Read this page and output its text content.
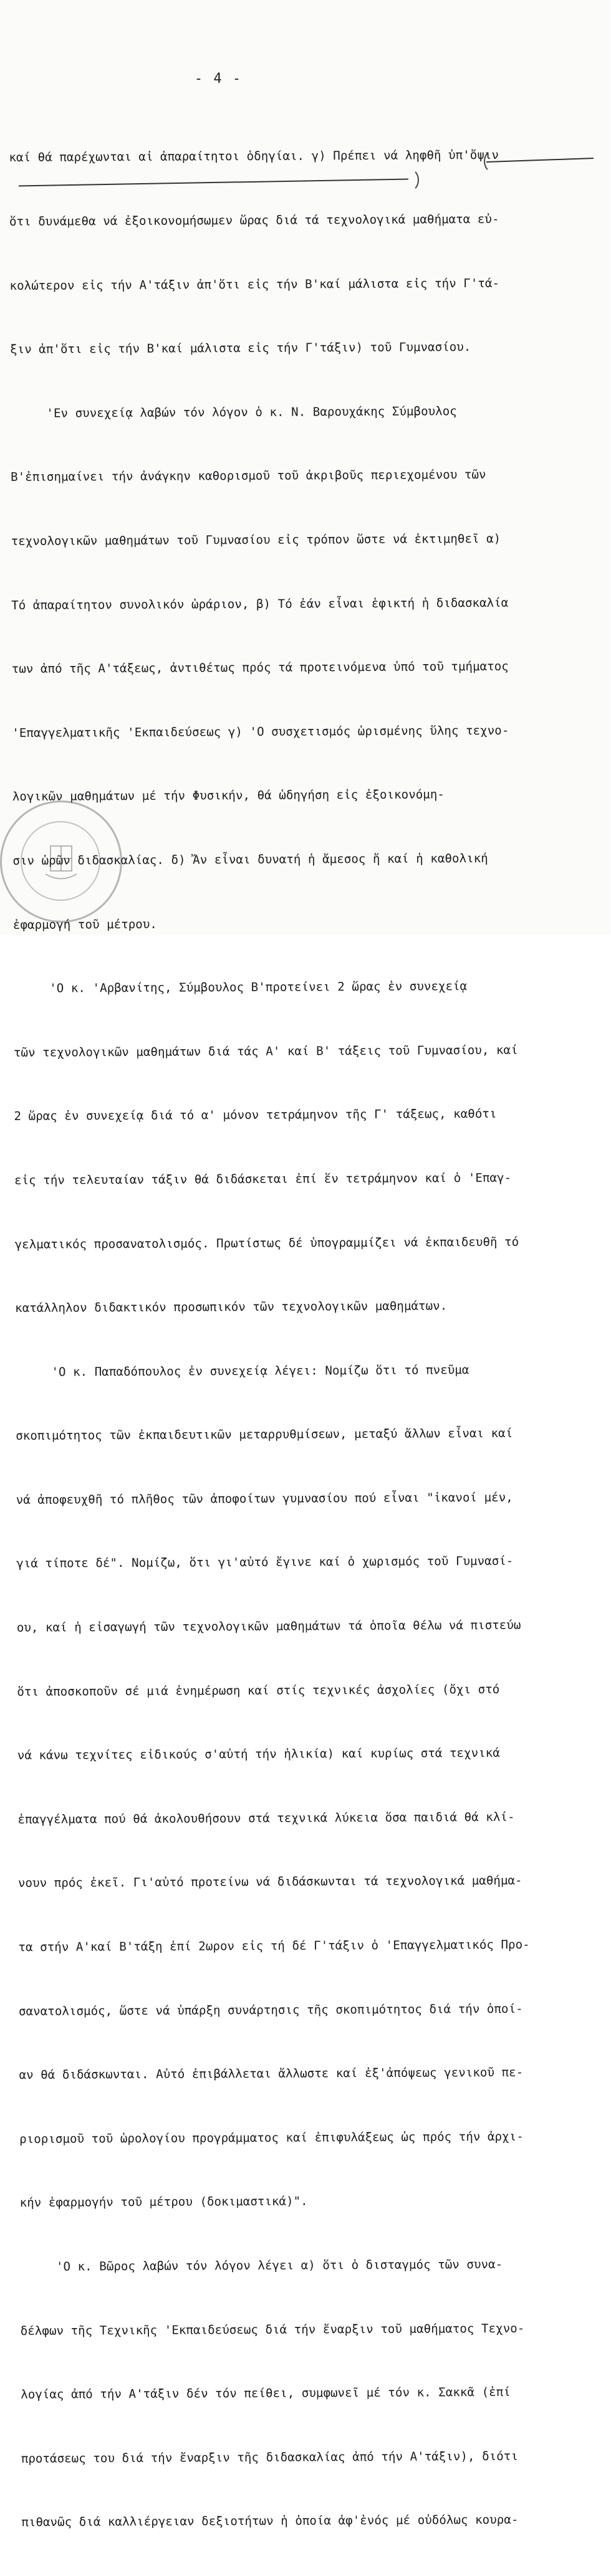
- 4 -

καί θά παρέχωνται αἱ ἀπαραίτητοι ὁδηγίαι. γ) Πρέπει νά ληφθῆ ὑπ'ὄψιν

ὅτι δυνάμεθα νά ἐξοικονομήσωμεν ὥρας διά τά τεχνολογικά μαθήματα εὐ-

κολώτερον εἰς τήν Α'τάξιν ἀπ'ὅτι εἰς τήν Β'καί μάλιστα εἰς τήν Γ'τά-

ξιν ἀπ'ὅτι εἰς τήν Β'καί μάλιστα εἰς τήν Γ'τάξιν) τοῦ Γυμνασίου.

'Εν συνεχείᾳ λαβών τόν λόγον ὁ κ. Ν. Βαρουχάκης Σύμβουλος

Β'ἐπισημαίνει τήν ἀνάγκην καθορισμοῦ τοῦ ἀκριβοῦς περιεχομένου τῶν

τεχνολογικῶν μαθημάτων τοῦ Γυμνασίου εἰς τρόπον ὥστε νά ἐκτιμηθεῖ α)

Τό ἀπαραίτητον συνολικόν ὡράριον, β) Τό ἐάν εἶναι ἐφικτή ἡ διδασκαλία

των ἀπό τῆς Α'τάξεως, ἀντιθέτως πρός τά προτεινόμενα ὑπό τοῦ τμήματος

'Επαγγελματικῆς 'Εκπαιδεύσεως γ) 'Ο συσχετισμός ὡρισμένης ὕλης τεχνο-

λογικῶν μαθημάτων μέ τήν Φυσικήν, θά ὡδηγήση εἰς ἐξοικονόμη-

σιν ὡρῶν διδασκαλίας. δ) Ἄν εἶναι δυνατή ἡ ἄμεσος ἤ καί ἡ καθολική

ἐφαρμογή τοῦ μέτρου.

'Ο κ. 'Αρβανίτης, Σύμβουλος Β'προτείνει 2 ὥρας ἐν συνεχείᾳ

τῶν τεχνολογικῶν μαθημάτων διά τάς Α' καί Β' τάξεις τοῦ Γυμνασίου, καί

2 ὥρας ἐν συνεχείᾳ διά τό α' μόνον τετράμηνον τῆς Γ' τάξεως, καθότι

εἰς τήν τελευταίαν τάξιν θά διδάσκεται ἐπί ἕν τετράμηνον καί ὁ 'Επαγ-

γελματικός προσανατολισμός. Πρωτίστως δέ ὑπογραμμίζει νά ἐκπαιδευθῆ τό

κατάλληλον διδακτικόν προσωπικόν τῶν τεχνολογικῶν μαθημάτων.

'Ο κ. Παπαδόπουλος ἐν συνεχείᾳ λέγει: Νομίζω ὅτι τό πνεῦμα

σκοπιμότητος τῶν ἐκπαιδευτικῶν μεταρρυθμίσεων, μεταξύ ἄλλων εἶναι καί

νά ἀποφευχθῆ τό πλῆθος τῶν ἀποφοίτων γυμνασίου πού εἶναι "ἱκανοί μέν,

γιά τίποτε δέ". Νομίζω, ὅτι γι'αὐτό ἔγινε καί ὁ χωρισμός τοῦ Γυμνασί-

ου, καί ἡ εἰσαγωγή τῶν τεχνολογικῶν μαθημάτων τά ὁποῖα θέλω νά πιστεύω

ὅτι ἀποσκοποῦν σέ μιά ἐνημέρωση καί στίς τεχνικές ἀσχολίες (ὄχι στό

νά κάνω τεχνίτες εἰδικούς σ'αὐτή τήν ἡλικία) καί κυρίως στά τεχνικά

ἐπαγγέλματα πού θά ἀκολουθήσουν στά τεχνικά λύκεια ὅσα παιδιά θά κλί-

νουν πρός ἐκεῖ. Γι'αὐτό προτείνω νά διδάσκωνται τά τεχνολογικά μαθήμα-

τα στήν Α'καί Β'τάξη ἐπί 2ωρον εἰς τή δέ Γ'τάξιν ὁ 'Επαγγελματικός Προ-

σανατολισμός, ὥστε νά ὑπάρξη συνάρτησις τῆς σκοπιμότητος διά τήν ὁποί-

αν θά διδάσκωνται. Αὐτό ἐπιβάλλεται ἄλλωστε καί ἐξ'ἀπόψεως γενικοῦ πε-

ριορισμοῦ τοῦ ὡρολογίου προγράμματος καί ἐπιφυλάξεως ὡς πρός τήν ἀρχι-

κήν ἐφαρμογήν τοῦ μέτρου (δοκιμαστικά)".

'Ο κ. Βῶρος λαβών τόν λόγον λέγει α) ὅτι ὁ δισταγμός τῶν συνα-

δέλφων τῆς Τεχνικῆς 'Εκπαιδεύσεως διά τήν ἔναρξιν τοῦ μαθήματος Τεχνο-

λογίας ἀπό τήν Α'τάξιν δέν τόν πείθει, συμφωνεῖ μέ τόν κ. Σακκᾶ (ἐπί

προτάσεως του διά τήν ἔναρξιν τῆς διδασκαλίας ἀπό τήν Α'τάξιν), διότι

πιθανῶς διά καλλιέργειαν δεξιοτήτων ἡ ὁποία ἀφ'ἑνός μέ οὐδόλως κουρα-
